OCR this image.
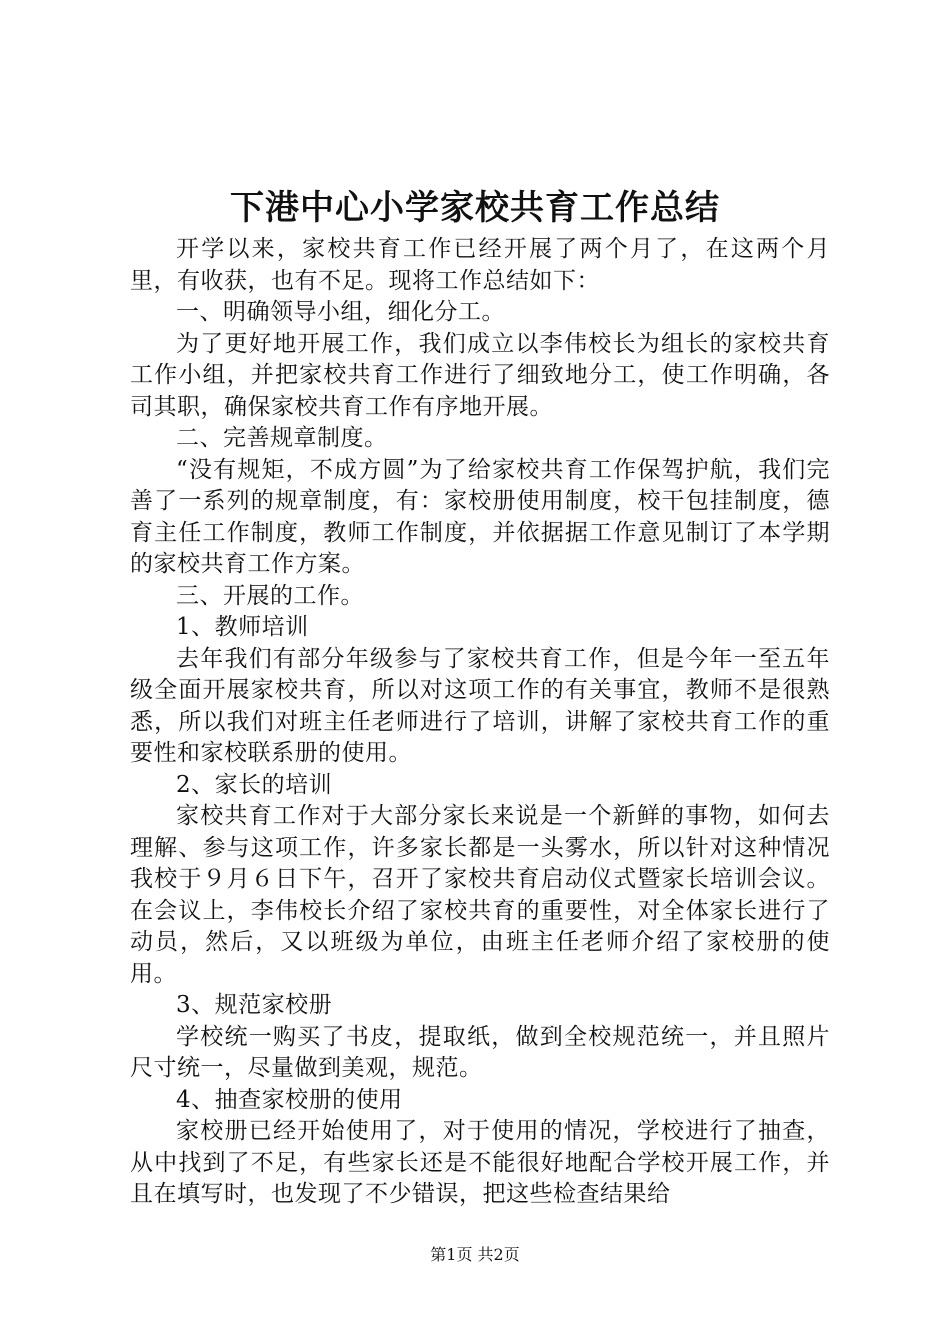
下港中心小学家校共育工作总结

开学以来，家校共育工作已经开展了两个月了，在这两个月里，有收获，也有不足。现将工作总结如下：

一、明确领导小组，细化分工。

为了更好地开展工作，我们成立以李伟校长为组长的家校共育工作小组，并把家校共育工作进行了细致地分工，使工作明确，各司其职，确保家校共育工作有序地开展。

二、完善规章制度。

“没有规矩，不成方圆”为了给家校共育工作保驾护航，我们完善了一系列的规章制度，有：家校册使用制度，校干包挂制度，德育主任工作制度，教师工作制度，并依据据工作意见制订了本学期的家校共育工作方案。

三、开展的工作。

1、教师培训

去年我们有部分年级参与了家校共育工作，但是今年一至五年级全面开展家校共育，所以对这项工作的有关事宜，教师不是很熟悉，所以我们对班主任老师进行了培训，讲解了家校共育工作的重要性和家校联系册的使用。

2、家长的培训

家校共育工作对于大部分家长来说是一个新鲜的事物，如何去理解、参与这项工作，许多家长都是一头雾水，所以针对这种情况我校于９月６日下午，召开了家校共育启动仪式暨家长培训会议。在会议上，李伟校长介绍了家校共育的重要性，对全体家长进行了动员，然后，又以班级为单位，由班主任老师介绍了家校册的使用。

3、规范家校册

学校统一购买了书皮，提取纸，做到全校规范统一，并且照片尺寸统一，尽量做到美观，规范。

4、抽查家校册的使用

家校册已经开始使用了，对于使用的情况，学校进行了抽查，从中找到了不足，有些家长还是不能很好地配合学校开展工作，并且在填写时，也发现了不少错误，把这些检查结果给

第1页 共2页
